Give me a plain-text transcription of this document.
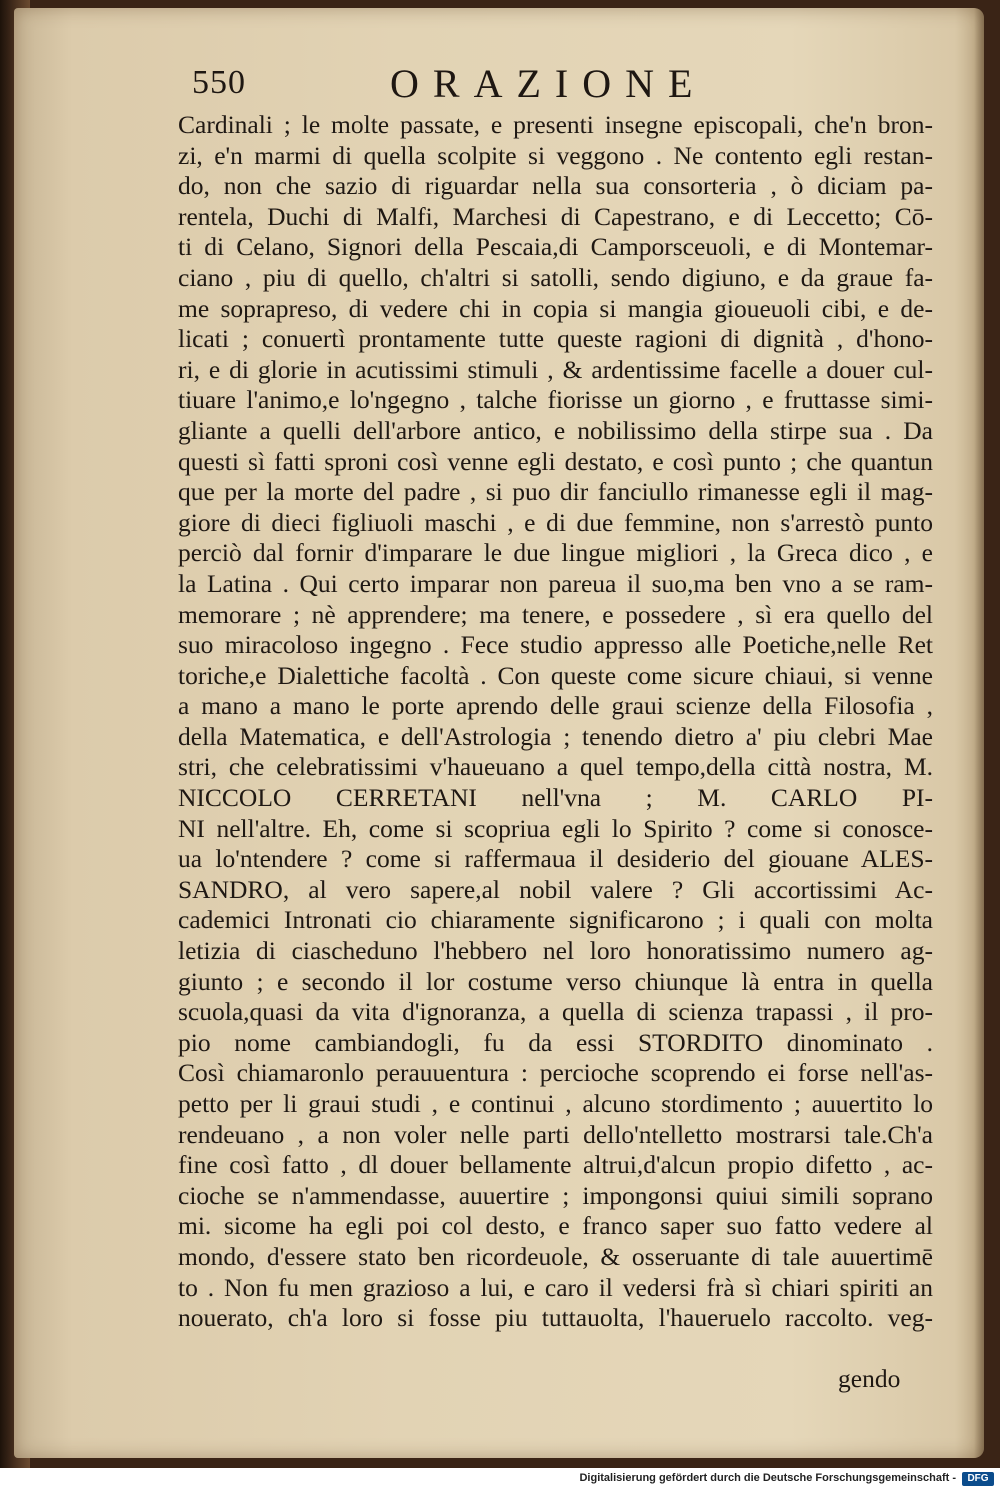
550	ORAZIONE
Cardinali ; le molte passate, e presenti insegne episcopali, che'n bron-
zi, e'n marmi di quella scolpite si veggono . Ne contento egli restan-
do, non che sazio di riguardar nella sua consorteria , ò diciam pa-
rentela, Duchi di Malfi, Marchesi di Capestrano, e di Leccetto; Cō-
ti di Celano, Signori della Pescaia,di Camporsceuoli, e di Montemar-
ciano , piu di quello, ch'altri si satolli, sendo digiuno, e da graue fa-
me soprapreso, di vedere chi in copia si mangia gioueuoli cibi, e de-
licati ; conuertì prontamente tutte queste ragioni di dignità , d'hono-
ri, e di glorie in acutissimi stimuli , & ardentissime facelle a douer cul-
tiuare l'animo,e lo'ngegno , talche fiorisse un giorno , e fruttasse simi-
gliante a quelli dell'arbore antico, e nobilissimo della stirpe sua . Da
questi sì fatti sproni così venne egli destato, e così punto ; che quantun
que per la morte del padre , si puo dir fanciullo rimanesse egli il mag-
giore di dieci figliuoli maschi , e di due femmine, non s'arrestò punto
perciò dal fornir d'imparare le due lingue migliori , la Greca dico , e
la Latina . Qui certo imparar non pareua il suo,ma ben vno a se ram-
memorare ; nè apprendere; ma tenere, e possedere , sì era quello del
suo miracoloso ingegno . Fece studio appresso alle Poetiche,nelle Ret
toriche,e Dialettiche facoltà . Con queste come sicure chiaui, si venne
a mano a mano le porte aprendo delle graui scienze della Filosofia ,
della Matematica, e dell'Astrologia ; tenendo dietro a' piu clebri Mae
stri, che celebratissimi v'haueuano a quel tempo,della città nostra, M.
NICCOLO CERRETANI nell'vna ; M. CARLO PI-
NI nell'altre. Eh, come si scopriua egli lo Spirito ? come si conosce-
ua lo'ntendere ? come si raffermaua il desiderio del giouane ALES-
SANDRO, al vero sapere,al nobil valere ? Gli accortissimi Ac-
cademici Intronati cio chiaramente significarono ; i quali con molta
letizia di ciascheduno l'hebbero nel loro honoratissimo numero ag-
giunto ; e secondo il lor costume verso chiunque là entra in quella
scuola,quasi da vita d'ignoranza, a quella di scienza trapassi , il pro-
pio nome cambiandogli, fu da essi STORDITO dinominato .
Così chiamaronlo perauuentura : percioche scoprendo ei forse nell'as-
petto per li graui studi , e continui , alcuno stordimento ; auuertito lo
rendeuano , a non voler nelle parti dello'ntelletto mostrarsi tale.Ch'a
fine così fatto , dl douer bellamente altrui,d'alcun propio difetto , ac-
cioche se n'ammendasse, auuertire ; impongonsi quiui simili soprano
mi. sicome ha egli poi col desto, e franco saper suo fatto vedere al
mondo, d'essere stato ben ricordeuole, & osseruante di tale auuertimē
to . Non fu men grazioso a lui, e caro il vedersi frà sì chiari spiriti an
nouerato, ch'a loro si fosse piu tuttauolta, l'haueruelo raccolto. veg-
gendo
Digitalisierung gefördert durch die Deutsche Forschungsgemeinschaft -	DFG
